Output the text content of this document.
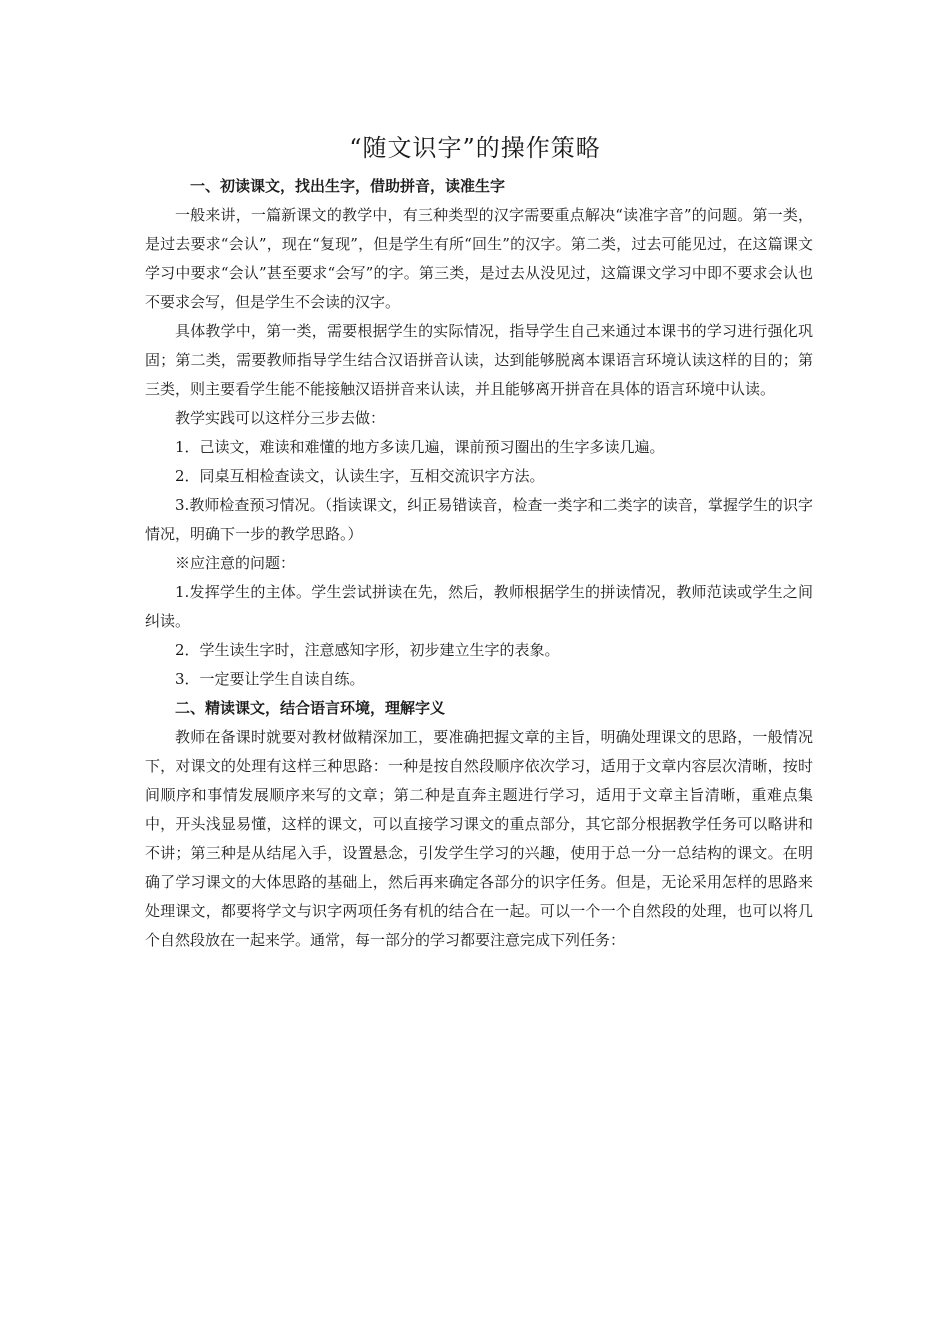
“随文识字”的操作策略

一、初读课文，找出生字，借助拼音，读准生字

一般来讲，一篇新课文的教学中，有三种类型的汉字需要重点解决“读准字音”的问题。第一类，是过去要求“会认”，现在“复现”，但是学生有所“回生”的汉字。第二类，过去可能见过，在这篇课文学习中要求“会认”甚至要求“会写”的字。第三类，是过去从没见过，这篇课文学习中即不要求会认也不要求会写，但是学生不会读的汉字。

具体教学中，第一类，需要根据学生的实际情况，指导学生自己来通过本课书的学习进行强化巩固；第二类，需要教师指导学生结合汉语拼音认读，达到能够脱离本课语言环境认读这样的目的；第三类，则主要看学生能不能接触汉语拼音来认读，并且能够离开拼音在具体的语言环境中认读。

教学实践可以这样分三步去做：

1．己读文，难读和难懂的地方多读几遍，课前预习圈出的生字多读几遍。

2．同桌互相检查读文，认读生字，互相交流识字方法。

3.教师检查预习情况。（指读课文，纠正易错读音，检查一类字和二类字的读音，掌握学生的识字情况，明确下一步的教学思路。）

※应注意的问题：

1.发挥学生的主体。学生尝试拼读在先，然后，教师根据学生的拼读情况，教师范读或学生之间纠读。

2．学生读生字时，注意感知字形，初步建立生字的表象。

3．一定要让学生自读自练。

二、精读课文，结合语言环境，理解字义

教师在备课时就要对教材做精深加工，要准确把握文章的主旨，明确处理课文的思路，一般情况下，对课文的处理有这样三种思路：一种是按自然段顺序依次学习，适用于文章内容层次清晰，按时间顺序和事情发展顺序来写的文章；第二种是直奔主题进行学习，适用于文章主旨清晰，重难点集中，开头浅显易懂，这样的课文，可以直接学习课文的重点部分，其它部分根据教学任务可以略讲和不讲；第三种是从结尾入手，设置悬念，引发学生学习的兴趣，使用于总一分一总结构的课文。在明确了学习课文的大体思路的基础上，然后再来确定各部分的识字任务。但是，无论采用怎样的思路来处理课文，都要将学文与识字两项任务有机的结合在一起。可以一个一个自然段的处理，也可以将几个自然段放在一起来学。通常，每一部分的学习都要注意完成下列任务：
